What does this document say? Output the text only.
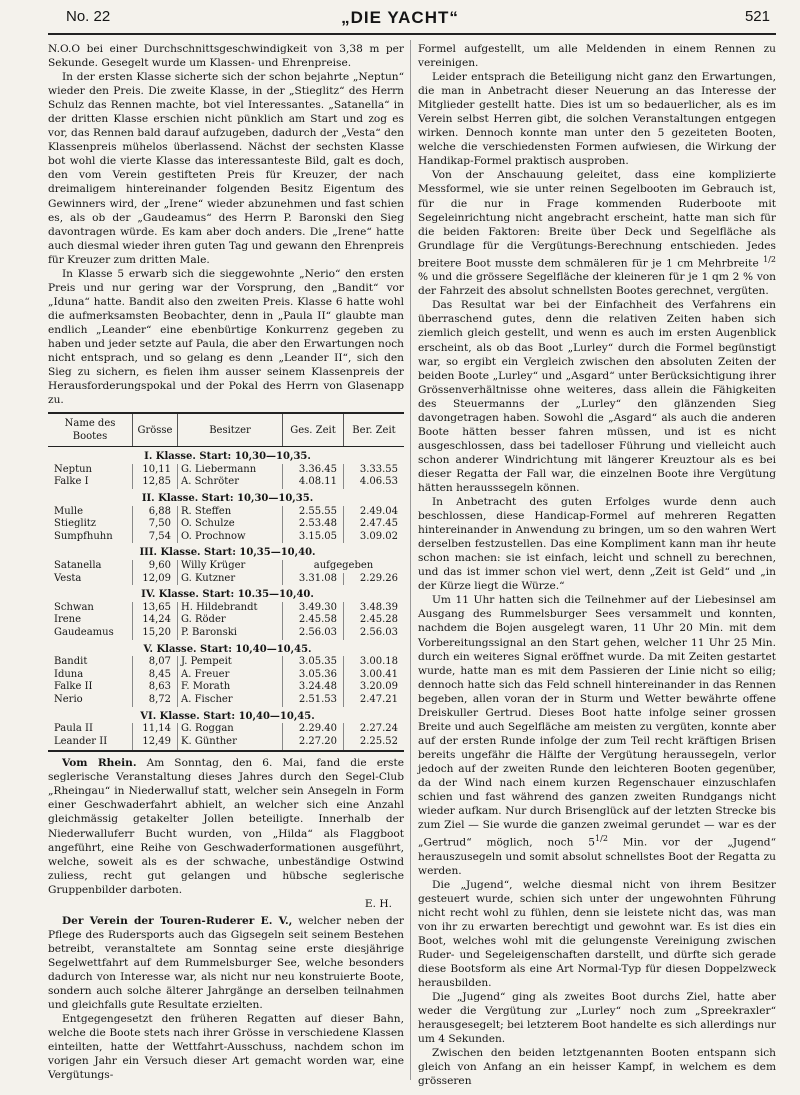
No. 22	„DIE YACHT“	521

N.O.O bei einer Durchschnittsgeschwindigkeit von 3,38 m per Sekunde. Gesegelt wurde um Klassen- und Ehrenpreise.

In der ersten Klasse sicherte sich der schon bejahrte „Neptun“ wieder den Preis. Die zweite Klasse, in der „Stieglitz“ des Herrn Schulz das Rennen machte, bot viel Interessantes. „Satanella“ in der dritten Klasse erschien nicht pünklich am Start und zog es vor, das Rennen bald darauf aufzugeben, dadurch der „Vesta“ den Klassenpreis mühelos überlassend. Nächst der sechsten Klasse bot wohl die vierte Klasse das interessanteste Bild, galt es doch, den vom Verein gestifteten Preis für Kreuzer, der nach dreimaligem hintereinander folgenden Besitz Eigentum des Gewinners wird, der „Irene“ wieder abzunehmen und fast schien es, als ob der „Gaudeamus“ des Herrn P. Baronski den Sieg davontragen würde. Es kam aber doch anders. Die „Irene“ hatte auch diesmal wieder ihren guten Tag und gewann den Ehrenpreis für Kreuzer zum dritten Male.

In Klasse 5 erwarb sich die sieggewohnte „Nerio“ den ersten Preis und nur gering war der Vorsprung, den „Bandit“ vor „Iduna“ hatte. Bandit also den zweiten Preis. Klasse 6 hatte wohl die aufmerksamsten Beobachter, denn in „Paula II“ glaubte man endlich „Leander“ eine ebenbürtige Konkurrenz gegeben zu haben und jeder setzte auf Paula, die aber den Erwartungen noch nicht entsprach, und so gelang es denn „Leander II“, sich den Sieg zu sichern, es fielen ihm ausser seinem Klassenpreis der Herausforderungspokal und der Pokal des Herrn von Glasenapp zu.

Name des Bootes	Grösse	Besitzer	Ges. Zeit	Ber. Zeit
I. Klasse. Start: 10,30—10,35.				
Neptun	10,11	G. Liebermann	3.36.45	3.33.55
Falke I	12,85	A. Schröter	4.08.11	4.06.53
II. Klasse. Start: 10,30—10,35.				
Mulle	6,88	R. Steffen	2.55.55	2.49.04
Stieglitz	7,50	O. Schulze	2.53.48	2.47.45
Sumpfhuhn	7,54	O. Prochnow	3.15.05	3.09.02
III. Klasse. Start: 10,35—10,40.				
Satanella	9,60	Willy Krüger	aufgegeben	
Vesta	12,09	G. Kutzner	3.31.08	2.29.26
IV. Klasse. Start: 10.35—10,40.				
Schwan	13,65	H. Hildebrandt	3.49.30	3.48.39
Irene	14,24	G. Röder	2.45.58	2.45.28
Gaudeamus	15,20	P. Baronski	2.56.03	2.56.03
V. Klasse. Start: 10,40—10,45.				
Bandit	8,07	J. Pempeit	3.05.35	3.00.18
Iduna	8,45	A. Freuer	3.05.36	3.00.41
Falke II	8,63	F. Morath	3.24.48	3.20.09
Nerio	8,72	A. Fischer	2.51.53	2.47.21
VI. Klasse. Start: 10,40—10,45.				
Paula II	11,14	G. Roggan	2.29.40	2.27.24
Leander II	12,49	K. Günther	2.27.20	2.25.52

Vom Rhein. Am Sonntag, den 6. Mai, fand die erste seglerische Veranstaltung dieses Jahres durch den Segel-Club „Rheingau“ in Niederwalluf statt, welcher sein Ansegeln in Form einer Geschwaderfahrt abhielt, an welcher sich eine Anzahl gleichmässig getakelter Jollen beteiligte. Innerhalb der Niederwalluferr Bucht wurden, von „Hilda“ als Flaggboot angeführt, eine Reihe von Geschwaderformationen ausgeführt, welche, soweit als es der schwache, unbeständige Ostwind zuliess, recht gut gelangen und hübsche seglerische Gruppenbilder darboten.

E. H.

Der Verein der Touren-Ruderer E. V., welcher neben der Pflege des Rudersports auch das Gigsegeln seit seinem Bestehen betreibt, veranstaltete am Sonntag seine erste diesjährige Segelwettfahrt auf dem Rummelsburger See, welche besonders dadurch von Interesse war, als nicht nur neu konstruierte Boote, sondern auch solche älterer Jahrgänge an derselben teilnahmen und gleichfalls gute Resultate erzielten.

Entgegengesetzt den früheren Regatten auf dieser Bahn, welche die Boote stets nach ihrer Grösse in verschiedene Klassen einteilten, hatte der Wettfahrt-Ausschuss, nachdem schon im vorigen Jahr ein Versuch dieser Art gemacht worden war, eine Vergütungs-

Formel aufgestellt, um alle Meldenden in einem Rennen zu vereinigen.

Leider entsprach die Beteiligung nicht ganz den Erwartungen, die man in Anbetracht dieser Neuerung an das Interesse der Mitglieder gestellt hatte. Dies ist um so bedauerlicher, als es im Verein selbst Herren gibt, die solchen Veranstaltungen entgegen wirken. Dennoch konnte man unter den 5 gezeiteten Booten, welche die verschiedensten Formen aufwiesen, die Wirkung der Handikap-Formel praktisch ausproben.

Von der Anschauung geleitet, dass eine komplizierte Messformel, wie sie unter reinen Segelbooten im Gebrauch ist, für die nur in Frage kommenden Ruderboote mit Segeleinrichtung nicht angebracht erscheint, hatte man sich für die beiden Faktoren: Breite über Deck und Segelfläche als Grundlage für die Vergütungs-Berechnung entschieden. Jedes breitere Boot musste dem schmäleren für je 1 cm Mehrbreite $^{1/2}$ % und die grössere Segelfläche der kleineren für je 1 qm 2 % von der Fahrzeit des absolut schnellsten Bootes gerechnet, vergüten.

Das Resultat war bei der Einfachheit des Verfahrens ein überraschend gutes, denn die relativen Zeiten haben sich ziemlich gleich gestellt, und wenn es auch im ersten Augenblick erscheint, als ob das Boot „Lurley“ durch die Formel begünstigt war, so ergibt ein Vergleich zwischen den absoluten Zeiten der beiden Boote „Lurley“ und „Asgard“ unter Berücksichtigung ihrer Grössenverhältnisse ohne weiteres, dass allein die Fähigkeiten des Steuermanns der „Lurley“ den glänzenden Sieg davongetragen haben. Sowohl die „Asgard“ als auch die anderen Boote hätten besser fahren müssen, und ist es nicht ausgeschlossen, dass bei tadelloser Führung und vielleicht auch schon anderer Windrichtung mit längerer Kreuztour als es bei dieser Regatta der Fall war, die einzelnen Boote ihre Vergütung hätten herausssegeln können.

In Anbetracht des guten Erfolges wurde denn auch beschlossen, diese Handicap-Formel auf mehreren Regatten hintereinander in Anwendung zu bringen, um so den wahren Wert derselben festzustellen. Das eine Kompliment kann man ihr heute schon machen: sie ist einfach, leicht und schnell zu berechnen, und das ist immer schon viel wert, denn „Zeit ist Geld“ und „in der Kürze liegt die Würze.“

Um 11 Uhr hatten sich die Teilnehmer auf der Liebesinsel am Ausgang des Rummelsburger Sees versammelt und konnten, nachdem die Bojen ausgelegt waren, 11 Uhr 20 Min. mit dem Vorbereitungssignal an den Start gehen, welcher 11 Uhr 25 Min. durch ein weiteres Signal eröffnet wurde. Da mit Zeiten gestartet wurde, hatte man es mit dem Passieren der Linie nicht so eilig; dennoch hatte sich das Feld schnell hintereinander in das Rennen begeben, allen voran der in Sturm und Wetter bewährte offene Dreiskuller Gertrud. Dieses Boot hatte infolge seiner grossen Breite und auch Segelfläche am meisten zu vergüten, konnte aber auf der ersten Runde infolge der zum Teil recht kräftigen Brisen bereits ungefähr die Hälfte der Vergütung heraussegeln, verlor jedoch auf der zweiten Runde den leichteren Booten gegenüber, da der Wind nach einem kurzen Regenschauer einzuschlafen schien und fast während des ganzen zweiten Rundgangs nicht wieder aufkam. Nur durch Brisenglück auf der letzten Strecke bis zum Ziel — Sie wurde die ganzen zweimal gerundet — war es der „Gertrud“ möglich, noch $5^{1/2}$ Min. vor der „Jugend“ herauszusegeln und somit absolut schnellstes Boot der Regatta zu werden.

Die „Jugend“, welche diesmal nicht von ihrem Besitzer gesteuert wurde, schien sich unter der ungewohnten Führung nicht recht wohl zu fühlen, denn sie leistete nicht das, was man von ihr zu erwarten berechtigt und gewohnt war. Es ist dies ein Boot, welches wohl mit die gelungenste Vereinigung zwischen Ruder- und Segeleigenschaften darstellt, und dürfte sich gerade diese Bootsform als eine Art Normal-Typ für diesen Doppelzweck herausbilden.

Die „Jugend“ ging als zweites Boot durchs Ziel, hatte aber weder die Vergütung zur „Lurley“ noch zum „Spreekraxler“ herausgesegelt; bei letzterem Boot handelte es sich allerdings nur um 4 Sekunden.

Zwischen den beiden letztgenannten Booten entspann sich gleich von Anfang an ein heisser Kampf, in welchem es dem grösseren
